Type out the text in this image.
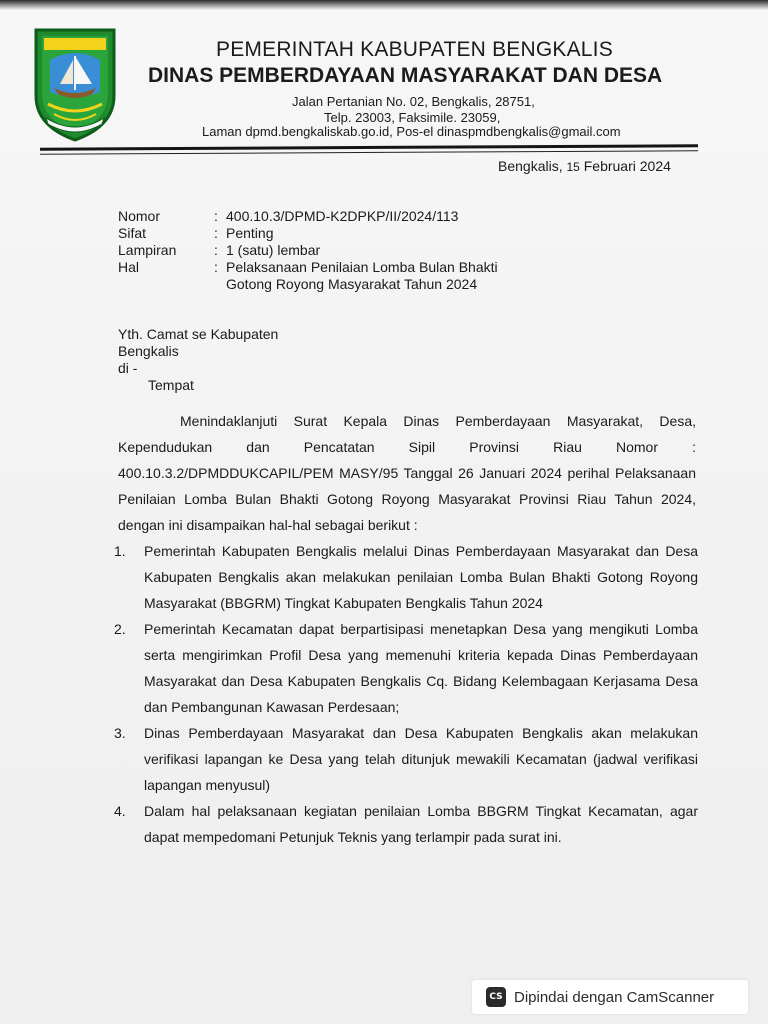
PEMERINTAH KABUPATEN BENGKALIS
DINAS PEMBERDAYAAN MASYARAKAT DAN DESA
Jalan Pertanian No. 02, Bengkalis, 28751,
Telp. 23003, Faksimile. 23059,
Laman dpmd.bengkaliskab.go.id, Pos-el dinaspmdbengkalis@gmail.com
Bengkalis, 15 Februari 2024
Nomor	: 400.10.3/DPMD-K2DPKP/II/2024/113
Sifat	: Penting
Lampiran	: 1 (satu) lembar
Hal	: Pelaksanaan Penilaian Lomba Bulan Bhakti Gotong Royong Masyarakat Tahun 2024
Yth. Camat se Kabupaten
Bengkalis
di -
Tempat

Menindaklanjuti Surat Kepala Dinas Pemberdayaan Masyarakat, Desa, Kependudukan dan Pencatatan Sipil Provinsi Riau Nomor : 400.10.3.2/DPMDDUKCAPIL/PEM MASY/95 Tanggal 26 Januari 2024 perihal Pelaksanaan Penilaian Lomba Bulan Bhakti Gotong Royong Masyarakat Provinsi Riau Tahun 2024, dengan ini disampaikan hal-hal sebagai berikut :

1.	Pemerintah Kabupaten Bengkalis melalui Dinas Pemberdayaan Masyarakat dan Desa Kabupaten Bengkalis akan melakukan penilaian Lomba Bulan Bhakti Gotong Royong Masyarakat (BBGRM) Tingkat Kabupaten Bengkalis Tahun 2024
2.	Pemerintah Kecamatan dapat berpartisipasi menetapkan Desa yang mengikuti Lomba serta mengirimkan Profil Desa yang memenuhi kriteria kepada Dinas Pemberdayaan Masyarakat dan Desa Kabupaten Bengkalis Cq. Bidang Kelembagaan Kerjasama Desa dan Pembangunan Kawasan Perdesaan;
3.	Dinas Pemberdayaan Masyarakat dan Desa Kabupaten Bengkalis akan melakukan verifikasi lapangan ke Desa yang telah ditunjuk mewakili Kecamatan (jadwal verifikasi lapangan menyusul)
4.	Dalam hal pelaksanaan kegiatan penilaian Lomba BBGRM Tingkat Kecamatan, agar dapat mempedomani Petunjuk Teknis yang terlampir pada surat ini.
CS Dipindai dengan CamScanner
